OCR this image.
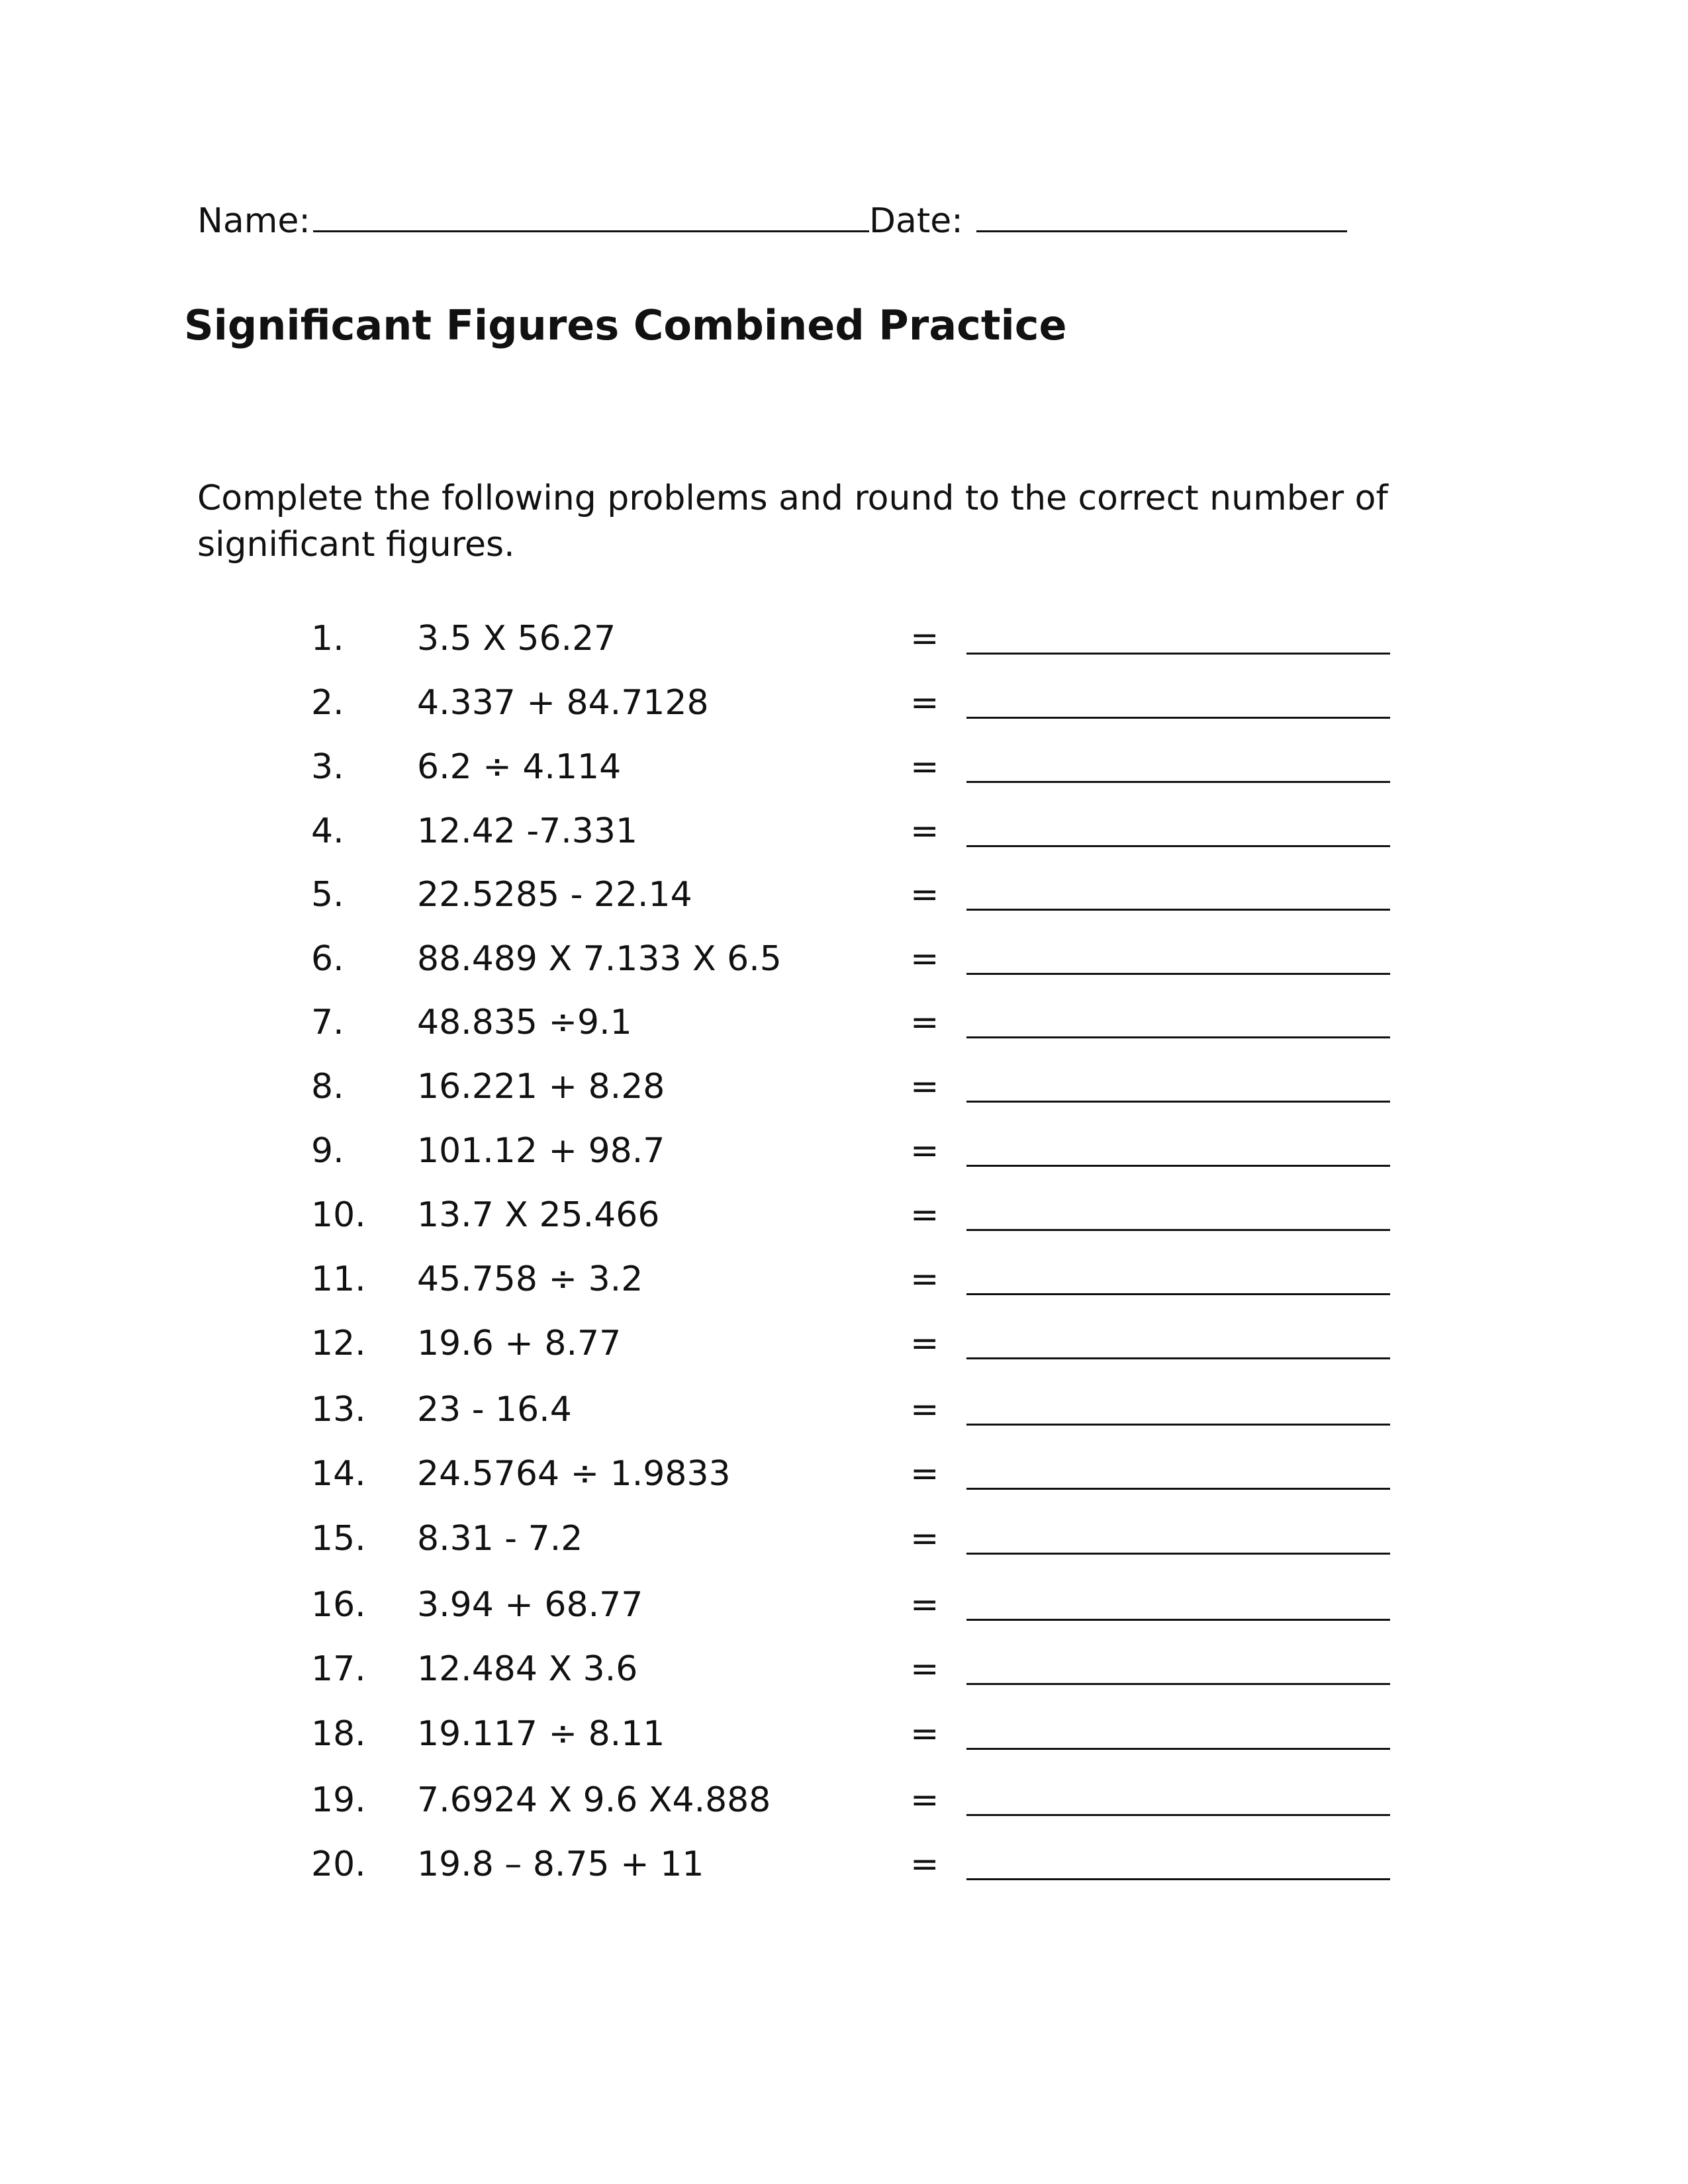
Name:	Date:
Significant Figures Combined Practice
Complete the following problems and round to the correct number of significant figures.
1. 3.5 X 56.27	=
2. 4.337 + 84.7128	=
3. 6.2 ÷ 4.114	=
4. 12.42 -7.331	=
5. 22.5285 - 22.14	=
6. 88.489 X 7.133 X 6.5	=
7. 48.835 ÷9.1	=
8. 16.221 + 8.28	=
9. 101.12 + 98.7	=
10. 13.7 X 25.466	=
11. 45.758 ÷ 3.2	=
12. 19.6 + 8.77	=
13. 23 - 16.4	=
14. 24.5764 ÷ 1.9833	=
15. 8.31 - 7.2	=
16. 3.94 + 68.77	=
17. 12.484 X 3.6	=
18. 19.117 ÷ 8.11	=
19. 7.6924 X 9.6 X4.888	=
20. 19.8 – 8.75 + 11	=
